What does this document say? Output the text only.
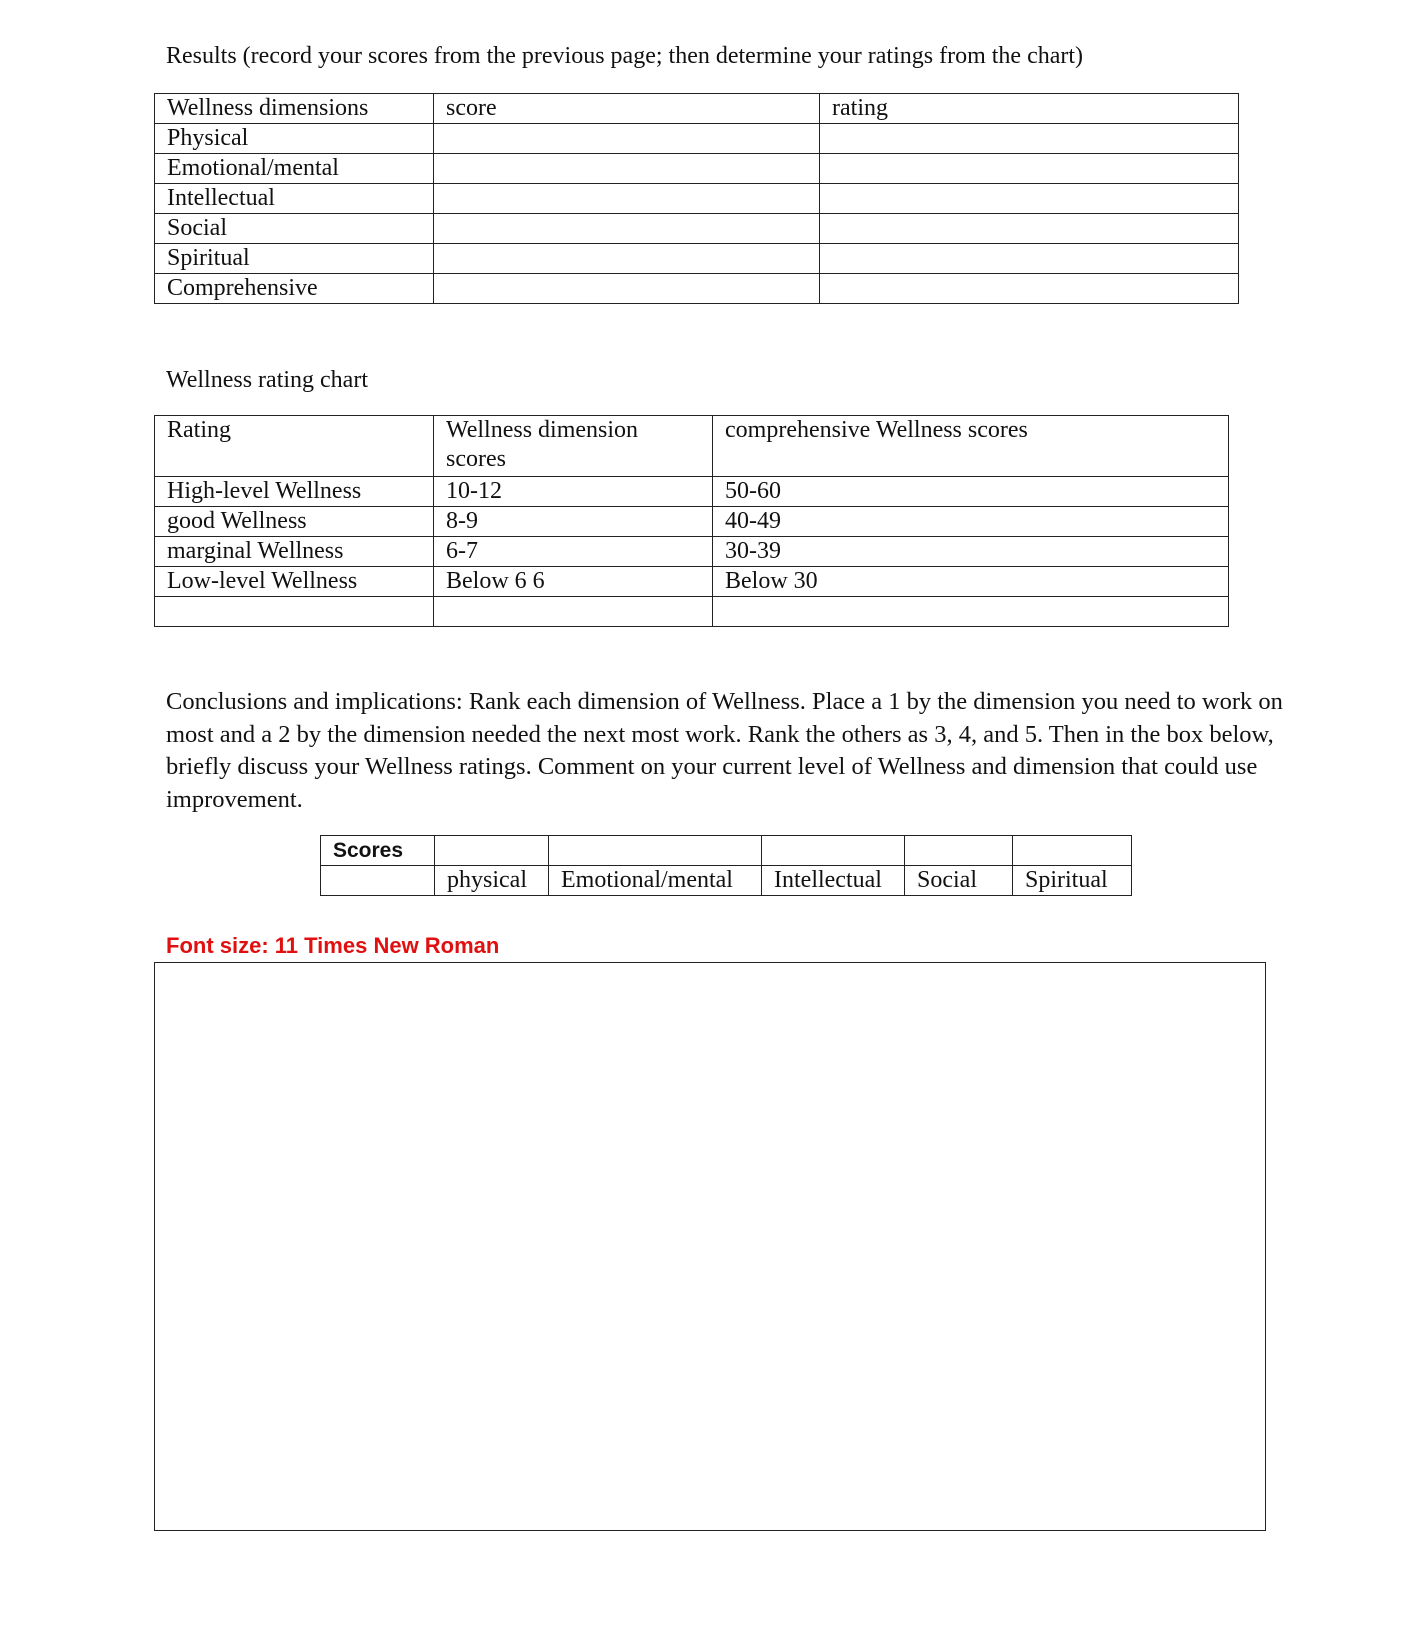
Results (record your scores from the previous page; then determine your ratings from the chart)
Wellness dimensions	score	rating
Physical		
Emotional/mental		
Intellectual		
Social		
Spiritual		
Comprehensive		
Wellness rating chart
Rating	Wellness dimension scores	comprehensive Wellness scores
High-level Wellness	10-12	50-60
good Wellness	8-9	40-49
marginal Wellness	6-7	30-39
Low-level Wellness	Below 6 6	Below 30

Conclusions and implications: Rank each dimension of Wellness. Place a 1 by the dimension you need to work on most and a 2 by the dimension needed the next most work. Rank the others as 3, 4, and 5. Then in the box below, briefly discuss your Wellness ratings. Comment on your current level of Wellness and dimension that could use improvement.
Scores					
	physical	Emotional/mental	Intellectual	Social	Spiritual
Font size: 11 Times New Roman
